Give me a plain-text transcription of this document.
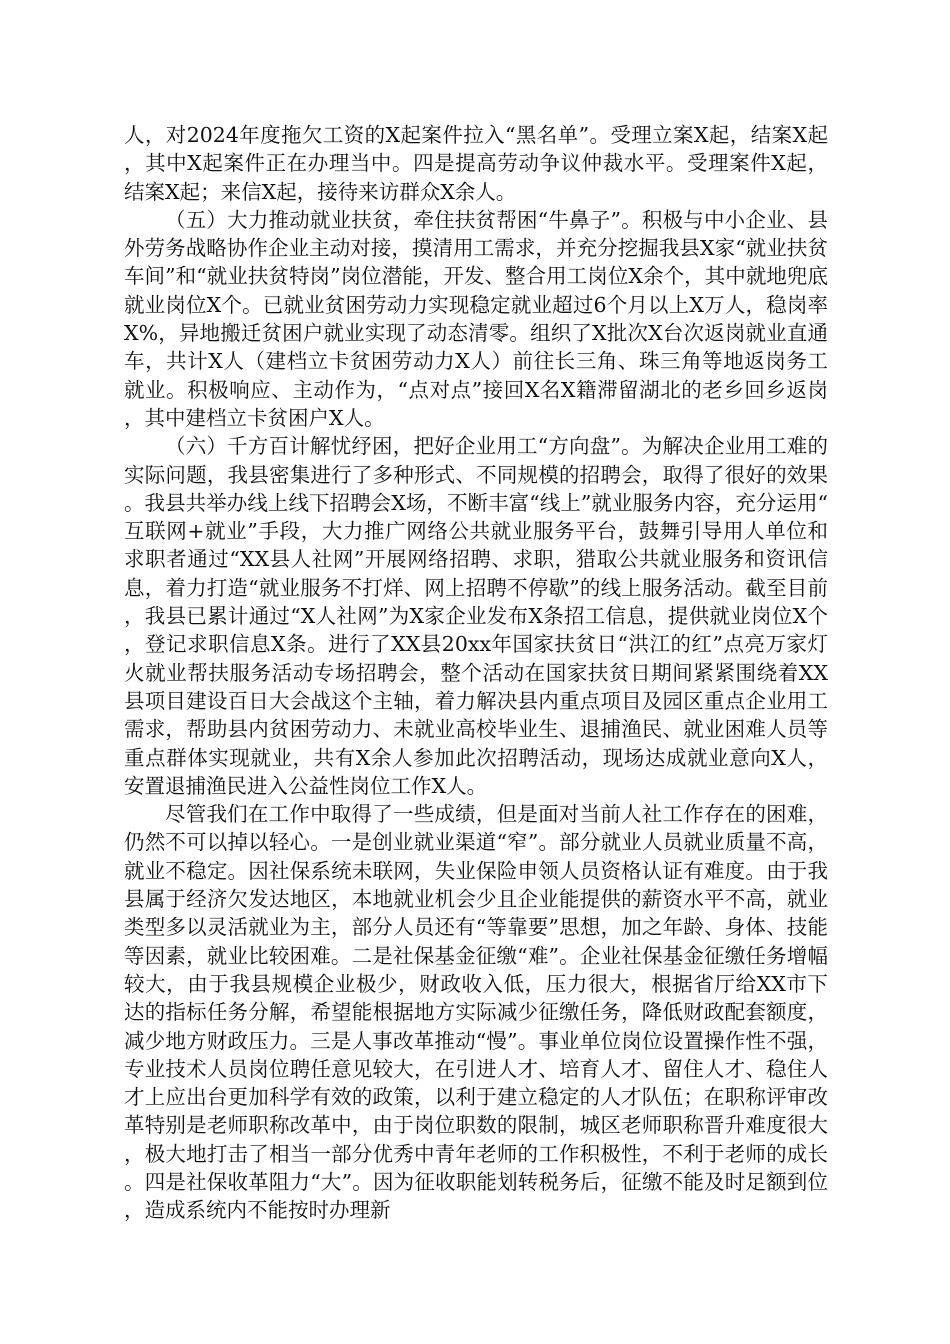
人，对2024年度拖欠工资的X起案件拉入“黑名单”。受理立案X起，结案X起，其中X起案件正在办理当中。四是提高劳动争议仲裁水平。受理案件X起，结案X起；来信X起，接待来访群众X余人。

（五）大力推动就业扶贫，牵住扶贫帮困“牛鼻子”。积极与中小企业、县外劳务战略协作企业主动对接，摸清用工需求，并充分挖掘我县X家“就业扶贫车间”和“就业扶贫特岗”岗位潜能，开发、整合用工岗位X余个，其中就地兜底就业岗位X个。已就业贫困劳动力实现稳定就业超过6个月以上X万人，稳岗率X%，异地搬迁贫困户就业实现了动态清零。组织了X批次X台次返岗就业直通车，共计X人（建档立卡贫困劳动力X人）前往长三角、珠三角等地返岗务工就业。积极响应、主动作为，“点对点”接回X名X籍滞留湖北的老乡回乡返岗，其中建档立卡贫困户X人。

（六）千方百计解忧纾困，把好企业用工“方向盘”。为解决企业用工难的实际问题，我县密集进行了多种形式、不同规模的招聘会，取得了很好的效果。我县共举办线上线下招聘会X场，不断丰富“线上”就业服务内容，充分运用“互联网+就业”手段，大力推广网络公共就业服务平台，鼓舞引导用人单位和求职者通过“XX县人社网”开展网络招聘、求职，猎取公共就业服务和资讯信息，着力打造“就业服务不打烊、网上招聘不停歇”的线上服务活动。截至目前，我县已累计通过“X人社网”为X家企业发布X条招工信息，提供就业岗位X个，登记求职信息X条。进行了XX县20xx年国家扶贫日“洪江的红”点亮万家灯火就业帮扶服务活动专场招聘会，整个活动在国家扶贫日期间紧紧围绕着XX县项目建设百日大会战这个主轴，着力解决县内重点项目及园区重点企业用工需求，帮助县内贫困劳动力、未就业高校毕业生、退捕渔民、就业困难人员等重点群体实现就业，共有X余人参加此次招聘活动，现场达成就业意向X人，安置退捕渔民进入公益性岗位工作X人。

尽管我们在工作中取得了一些成绩，但是面对当前人社工作存在的困难，仍然不可以掉以轻心。一是创业就业渠道“窄”。部分就业人员就业质量不高，就业不稳定。因社保系统未联网，失业保险申领人员资格认证有难度。由于我县属于经济欠发达地区，本地就业机会少且企业能提供的薪资水平不高，就业类型多以灵活就业为主，部分人员还有“等靠要”思想，加之年龄、身体、技能等因素，就业比较困难。二是社保基金征缴“难”。企业社保基金征缴任务增幅较大，由于我县规模企业极少，财政收入低，压力很大，根据省厅给XX市下达的指标任务分解，希望能根据地方实际减少征缴任务，降低财政配套额度，减少地方财政压力。三是人事改革推动“慢”。事业单位岗位设置操作性不强，专业技术人员岗位聘任意见较大，在引进人才、培育人才、留住人才、稳住人才上应出台更加科学有效的政策，以利于建立稳定的人才队伍；在职称评审改革特别是老师职称改革中，由于岗位职数的限制，城区老师职称晋升难度很大，极大地打击了相当一部分优秀中青年老师的工作积极性，不利于老师的成长。四是社保收革阻力“大”。因为征收职能划转税务后，征缴不能及时足额到位，造成系统内不能按时办理新
